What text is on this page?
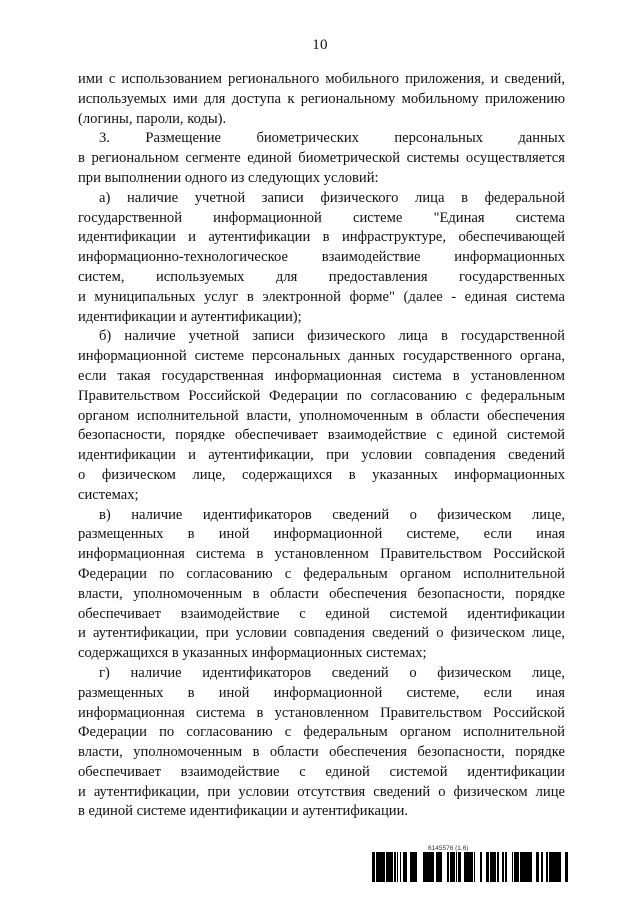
10
ими с использованием регионального мобильного приложения, и сведений,
используемых ими для доступа к региональному мобильному приложению
(логины, пароли, коды).
3. Размещение биометрических персональных данных
в региональном сегменте единой биометрической системы осуществляется
при выполнении одного из следующих условий:
а) наличие учетной записи физического лица в федеральной
государственной информационной системе "Единая система
идентификации и аутентификации в инфраструктуре, обеспечивающей
информационно-технологическое взаимодействие информационных
систем, используемых для предоставления государственных
и муниципальных услуг в электронной форме" (далее - единая система
идентификации и аутентификации);
б) наличие учетной записи физического лица в государственной
информационной системе персональных данных государственного органа,
если такая государственная информационная система в установленном
Правительством Российской Федерации по согласованию с федеральным
органом исполнительной власти, уполномоченным в области обеспечения
безопасности, порядке обеспечивает взаимодействие с единой системой
идентификации и аутентификации, при условии совпадения сведений
о физическом лице, содержащихся в указанных информационных
системах;
в) наличие идентификаторов сведений о физическом лице,
размещенных в иной информационной системе, если иная
информационная система в установленном Правительством Российской
Федерации по согласованию с федеральным органом исполнительной
власти, уполномоченным в области обеспечения безопасности, порядке
обеспечивает взаимодействие с единой системой идентификации
и аутентификации, при условии совпадения сведений о физическом лице,
содержащихся в указанных информационных системах;
г) наличие идентификаторов сведений о физическом лице,
размещенных в иной информационной системе, если иная
информационная система в установленном Правительством Российской
Федерации по согласованию с федеральным органом исполнительной
власти, уполномоченным в области обеспечения безопасности, порядке
обеспечивает взаимодействие с единой системой идентификации
и аутентификации, при условии отсутствия сведений о физическом лице
в единой системе идентификации и аутентификации.
6145576 (1.6)
